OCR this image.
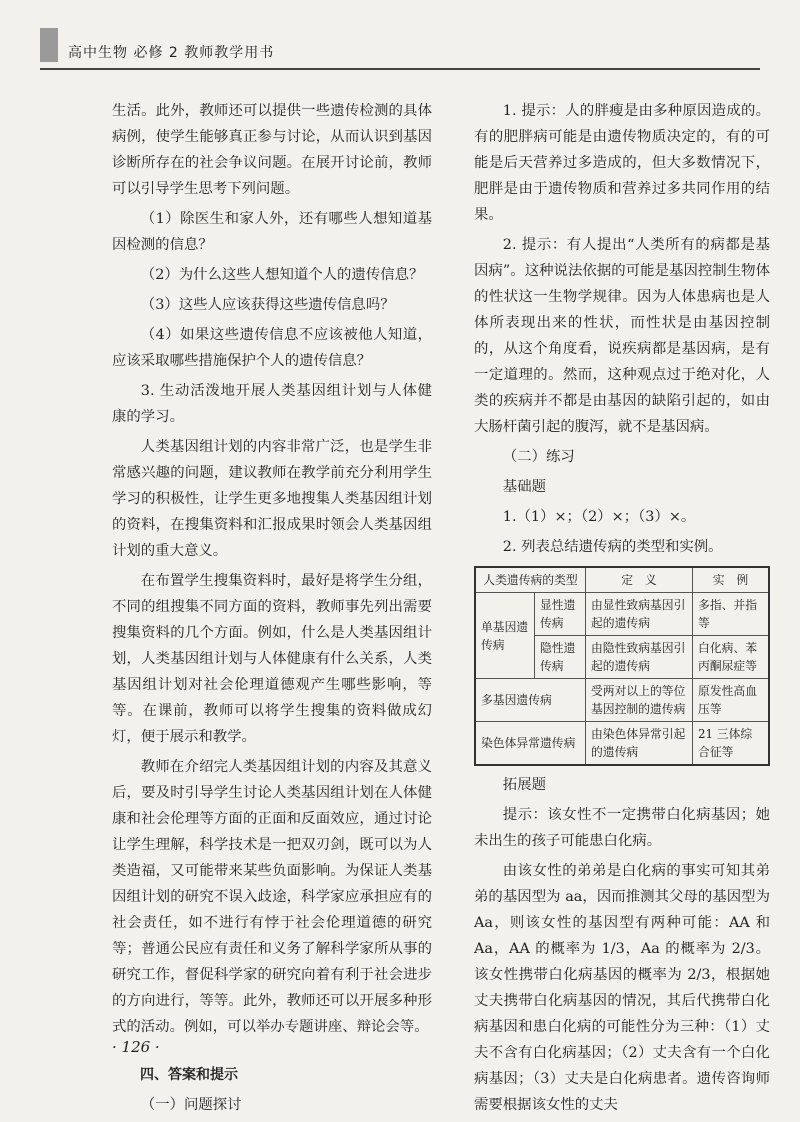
高中生物 必修 2 教师教学用书

生活。此外，教师还可以提供一些遗传检测的具体病例，使学生能够真正参与讨论，从而认识到基因诊断所存在的社会争议问题。在展开讨论前，教师可以引导学生思考下列问题。

（1）除医生和家人外，还有哪些人想知道基因检测的信息？

（2）为什么这些人想知道个人的遗传信息？

（3）这些人应该获得这些遗传信息吗？

（4）如果这些遗传信息不应该被他人知道，应该采取哪些措施保护个人的遗传信息？

3. 生动活泼地开展人类基因组计划与人体健康的学习。

人类基因组计划的内容非常广泛，也是学生非常感兴趣的问题，建议教师在教学前充分利用学生学习的积极性，让学生更多地搜集人类基因组计划的资料，在搜集资料和汇报成果时领会人类基因组计划的重大意义。

在布置学生搜集资料时，最好是将学生分组，不同的组搜集不同方面的资料，教师事先列出需要搜集资料的几个方面。例如，什么是人类基因组计划，人类基因组计划与人体健康有什么关系，人类基因组计划对社会伦理道德观产生哪些影响，等等。在课前，教师可以将学生搜集的资料做成幻灯，便于展示和教学。

教师在介绍完人类基因组计划的内容及其意义后，要及时引导学生讨论人类基因组计划在人体健康和社会伦理等方面的正面和反面效应，通过讨论让学生理解，科学技术是一把双刃剑，既可以为人类造福，又可能带来某些负面影响。为保证人类基因组计划的研究不误入歧途，科学家应承担应有的社会责任，如不进行有悖于社会伦理道德的研究等；普通公民应有责任和义务了解科学家所从事的研究工作，督促科学家的研究向着有利于社会进步的方向进行，等等。此外，教师还可以开展多种形式的活动。例如，可以举办专题讲座、辩论会等。

四、答案和提示

（一）问题探讨

1. 提示：人的胖瘦是由多种原因造成的。有的肥胖病可能是由遗传物质决定的，有的可能是后天营养过多造成的，但大多数情况下，肥胖是由于遗传物质和营养过多共同作用的结果。

2. 提示：有人提出“人类所有的病都是基因病”。这种说法依据的可能是基因控制生物体的性状这一生物学规律。因为人体患病也是人体所表现出来的性状，而性状是由基因控制的，从这个角度看，说疾病都是基因病，是有一定道理的。然而，这种观点过于绝对化，人类的疾病并不都是由基因的缺陷引起的，如由大肠杆菌引起的腹泻，就不是基因病。

（二）练习

基础题

1.（1）×；（2）×；（3）×。

2. 列表总结遗传病的类型和实例。

人类遗传病的类型		定　义	实　例
单基因遗传病	显性遗传病	由显性致病基因引起的遗传病	多指、并指等
	隐性遗传病	由隐性致病基因引起的遗传病	白化病、苯丙酮尿症等
多基因遗传病		受两对以上的等位基因控制的遗传病	原发性高血压等
染色体异常遗传病		由染色体异常引起的遗传病	21 三体综合征等

拓展题

提示：该女性不一定携带白化病基因；她未出生的孩子可能患白化病。

由该女性的弟弟是白化病的事实可知其弟弟的基因型为 aa，因而推测其父母的基因型为 Aa，则该女性的基因型有两种可能：AA 和 Aa，AA 的概率为 1/3，Aa 的概率为 2/3。该女性携带白化病基因的概率为 2/3，根据她丈夫携带白化病基因的情况，其后代携带白化病基因和患白化病的可能性分为三种：（1）丈夫不含有白化病基因；（2）丈夫含有一个白化病基因；（3）丈夫是白化病患者。遗传咨询师需要根据该女性的丈夫

· 126 ·
